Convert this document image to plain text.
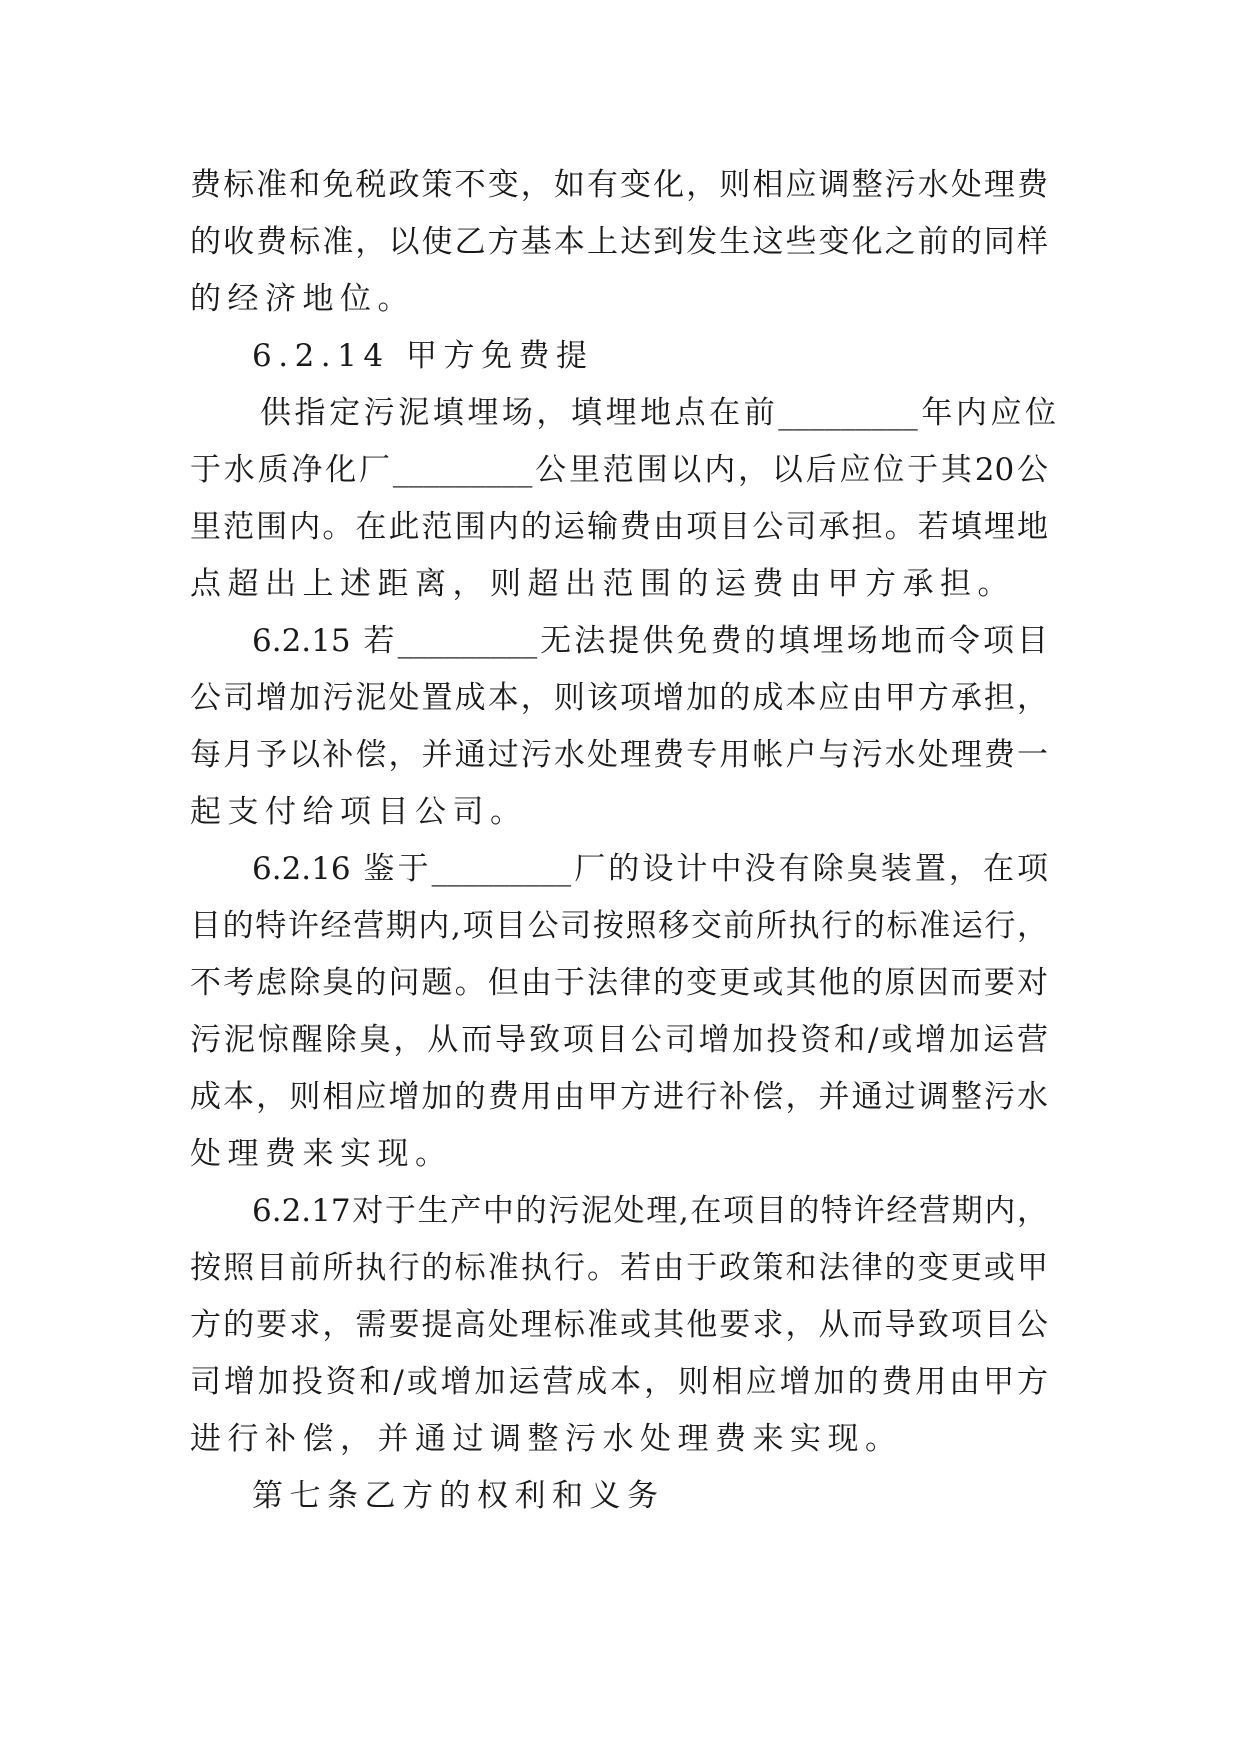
费标准和免税政策不变，如有变化，则相应调整污水处理费
的收费标准，以使乙方基本上达到发生这些变化之前的同样
的经济地位。
6.2.14 甲方免费提
供指定污泥填埋场，填埋地点在前_________年内应位
于水质净化厂_________公里范围以内，以后应位于其20公
里范围内。在此范围内的运输费由项目公司承担。若填埋地
点超出上述距离，则超出范围的运费由甲方承担。
6.2.15 若_________无法提供免费的填埋场地而令项目
公司增加污泥处置成本，则该项增加的成本应由甲方承担，
每月予以补偿，并通过污水处理费专用帐户与污水处理费一
起支付给项目公司。
6.2.16 鉴于_________厂的设计中没有除臭装置，在项
目的特许经营期内,项目公司按照移交前所执行的标准运行，
不考虑除臭的问题。但由于法律的变更或其他的原因而要对
污泥惊醒除臭，从而导致项目公司增加投资和/或增加运营
成本，则相应增加的费用由甲方进行补偿，并通过调整污水
处理费来实现。
6.2.17对于生产中的污泥处理,在项目的特许经营期内，
按照目前所执行的标准执行。若由于政策和法律的变更或甲
方的要求，需要提高处理标准或其他要求，从而导致项目公
司增加投资和/或增加运营成本，则相应增加的费用由甲方
进行补偿，并通过调整污水处理费来实现。
第七条乙方的权利和义务
